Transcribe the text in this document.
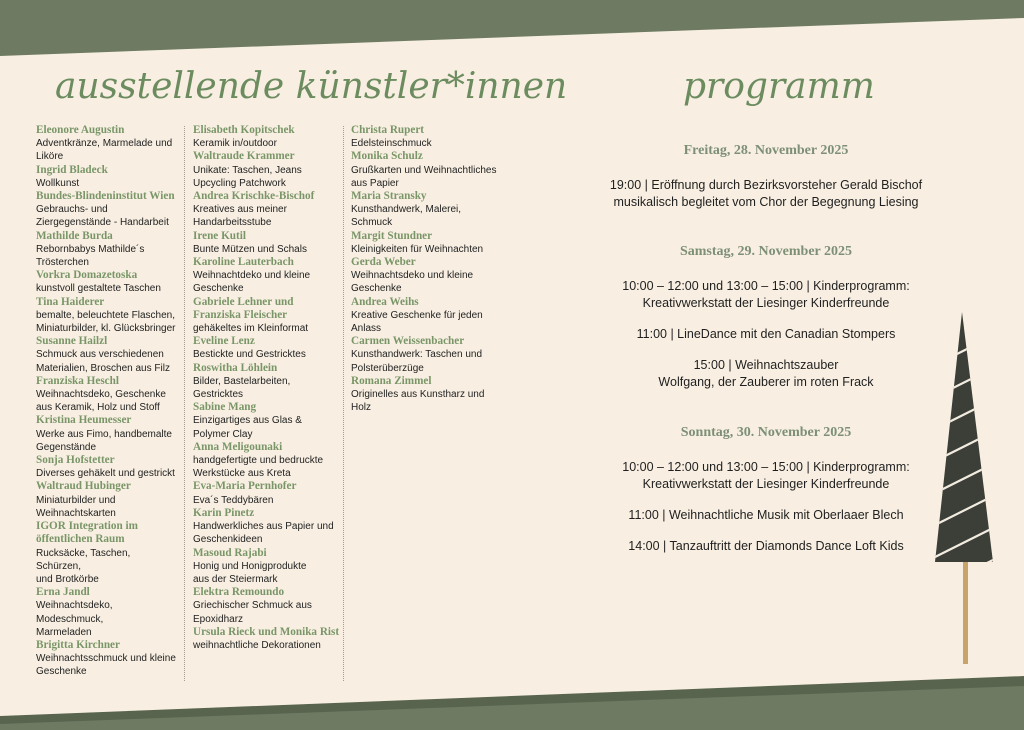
ausstellende künstler*innen	programm
Eleonore Augustin
Adventkränze, Marmelade und
Liköre
Ingrid Bladeck
Wollkunst
Bundes-Blindeninstitut Wien
Gebrauchs- und
Ziergegenstände - Handarbeit
Mathilde Burda
Rebornbabys Mathilde´s
Trösterchen
Vorkra Domazetoska
kunstvoll gestaltete Taschen
Tina Haiderer
bemalte, beleuchtete Flaschen,
Miniaturbilder, kl. Glücksbringer
Susanne Hailzl
Schmuck aus verschiedenen
Materialien, Broschen aus Filz
Franziska Heschl
Weihnachtsdeko, Geschenke
aus Keramik, Holz und Stoff
Kristina Heumesser
Werke aus Fimo, handbemalte
Gegenstände
Sonja Hofstetter
Diverses gehäkelt und gestrickt
Waltraud Hubinger
Miniaturbilder und
Weihnachtskarten
IGOR Integration im öffentlichen Raum
Rucksäcke, Taschen, Schürzen,
und Brotkörbe
Erna Jandl
Weihnachtsdeko, Modeschmuck,
Marmeladen
Brigitta Kirchner
Weihnachtsschmuck und kleine
Geschenke
Elisabeth Kopitschek
Keramik in/outdoor
Waltraude Krammer
Unikate: Taschen, Jeans
Upcycling Patchwork
Andrea Krischke-Bischof
Kreatives aus meiner
Handarbeitsstube
Irene Kutil
Bunte Mützen und Schals
Karoline Lauterbach
Weihnachtdeko und kleine
Geschenke
Gabriele Lehner und Franziska Fleischer
gehäkeltes im Kleinformat
Eveline Lenz
Bestickte und Gestricktes
Roswitha Löhlein
Bilder, Bastelarbeiten,
Gestricktes
Sabine Mang
Einzigartiges aus Glas &
Polymer Clay
Anna Meligounaki
handgefertigte und bedruckte
Werkstücke aus Kreta
Eva-Maria Pernhofer
Eva´s Teddybären
Karin Pinetz
Handwerkliches aus Papier und
Geschenkideen
Masoud Rajabi
Honig und Honigprodukte
aus der Steiermark
Elektra Remoundo
Griechischer Schmuck aus
Epoxidharz
Ursula Rieck und Monika Rist
weihnachtliche Dekorationen
Christa Rupert
Edelsteinschmuck
Monika Schulz
Grußkarten und Weihnachtliches
aus Papier
Maria Stransky
Kunsthandwerk, Malerei,
Schmuck
Margit Stundner
Kleinigkeiten für Weihnachten
Gerda Weber
Weihnachtsdeko und kleine
Geschenke
Andrea Weihs
Kreative Geschenke für jeden
Anlass
Carmen Weissenbacher
Kunsthandwerk: Taschen und
Polsterüberzüge
Romana Zimmel
Originelles aus Kunstharz und
Holz
Freitag, 28. November 2025
19:00 | Eröffnung durch Bezirksvorsteher Gerald Bischof
musikalisch begleitet vom Chor der Begegnung Liesing
Samstag, 29. November 2025
10:00 – 12:00 und 13:00 – 15:00 | Kinderprogramm:
Kreativwerkstatt der Liesinger Kinderfreunde
11:00 | LineDance mit den Canadian Stompers
15:00 | Weihnachtszauber
Wolfgang, der Zauberer im roten Frack
Sonntag, 30. November 2025
10:00 – 12:00 und 13:00 – 15:00 | Kinderprogramm:
Kreativwerkstatt der Liesinger Kinderfreunde
11:00 | Weihnachtliche Musik mit Oberlaaer Blech
14:00 | Tanzauftritt der Diamonds Dance Loft Kids
